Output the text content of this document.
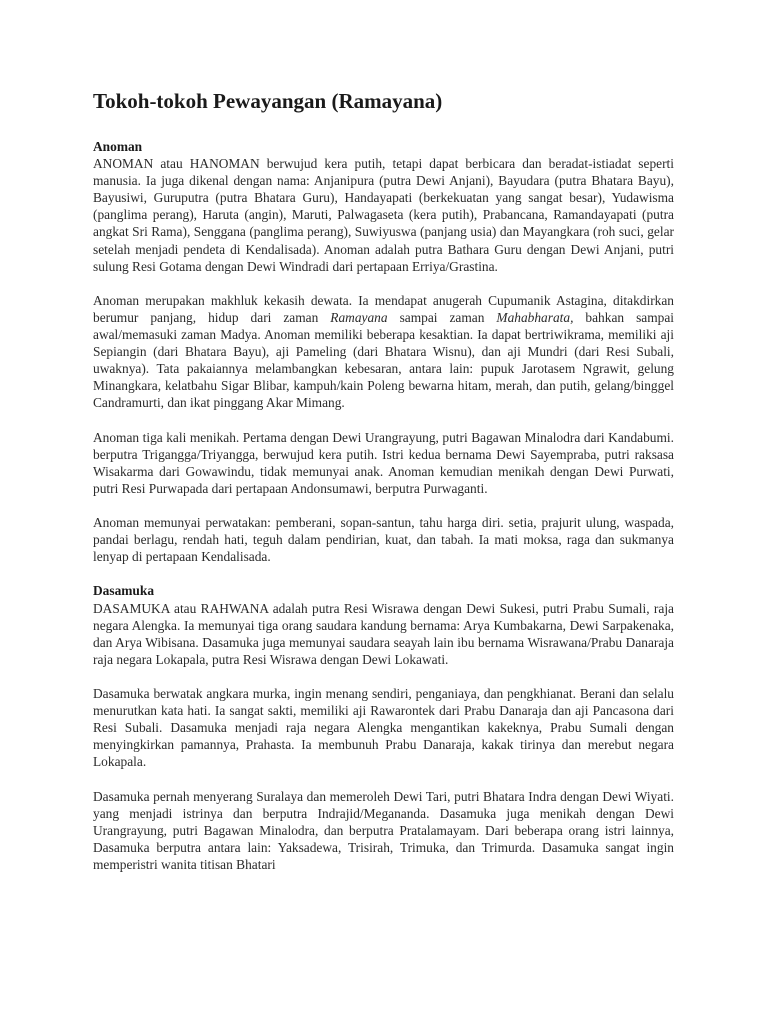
Tokoh-tokoh Pewayangan (Ramayana)
Anoman

ANOMAN atau HANOMAN berwujud kera putih, tetapi dapat berbicara dan beradat-istiadat seperti manusia. Ia juga dikenal dengan nama: Anjanipura (putra Dewi Anjani), Bayudara (putra Bhatara Bayu), Bayusiwi, Guruputra (putra Bhatara Guru), Handayapati (berkekuatan yang sangat besar), Yudawisma (panglima perang), Haruta (angin), Maruti, Palwagaseta (kera putih), Prabancana, Ramandayapati (putra angkat Sri Rama), Senggana (panglima perang), Suwiyuswa (panjang usia) dan Mayangkara (roh suci, gelar setelah menjadi pendeta di Kendalisada). Anoman adalah putra Bathara Guru dengan Dewi Anjani, putri sulung Resi Gotama dengan Dewi Windradi dari pertapaan Erriya/Grastina.

Anoman merupakan makhluk kekasih dewata. Ia mendapat anugerah Cupumanik Astagina, ditakdirkan berumur panjang, hidup dari zaman Ramayana sampai zaman Mahabharata, bahkan sampai awal/memasuki zaman Madya. Anoman memiliki beberapa kesaktian. Ia dapat bertriwikrama, memiliki aji Sepiangin (dari Bhatara Bayu), aji Pameling (dari Bhatara Wisnu), dan aji Mundri (dari Resi Subali, uwaknya). Tata pakaiannya melambangkan kebesaran, antara lain: pupuk Jarotasem Ngrawit, gelung Minangkara, kelatbahu Sigar Blibar, kampuh/kain Poleng bewarna hitam, merah, dan putih, gelang/binggel Candramurti, dan ikat pinggang Akar Mimang.

Anoman tiga kali menikah. Pertama dengan Dewi Urangrayung, putri Bagawan Minalodra dari Kandabumi. berputra Trigangga/Triyangga, berwujud kera putih. Istri kedua bernama Dewi Sayempraba, putri raksasa Wisakarma dari Gowawindu, tidak memunyai anak. Anoman kemudian menikah dengan Dewi Purwati, putri Resi Purwapada dari pertapaan Andonsumawi, berputra Purwaganti.

Anoman memunyai perwatakan: pemberani, sopan-santun, tahu harga diri. setia, prajurit ulung, waspada, pandai berlagu, rendah hati, teguh dalam pendirian, kuat, dan tabah. Ia mati moksa, raga dan sukmanya lenyap di pertapaan Kendalisada.

Dasamuka

DASAMUKA atau RAHWANA adalah putra Resi Wisrawa dengan Dewi Sukesi, putri Prabu Sumali, raja negara Alengka. Ia memunyai tiga orang saudara kandung bernama: Arya Kumbakarna, Dewi Sarpakenaka, dan Arya Wibisana. Dasamuka juga memunyai saudara seayah lain ibu bernama Wisrawana/Prabu Danaraja raja negara Lokapala, putra Resi Wisrawa dengan Dewi Lokawati.

Dasamuka berwatak angkara murka, ingin menang sendiri, penganiaya, dan pengkhianat. Berani dan selalu menurutkan kata hati. Ia sangat sakti, memiliki aji Rawarontek dari Prabu Danaraja dan aji Pancasona dari Resi Subali. Dasamuka menjadi raja negara Alengka mengantikan kakeknya, Prabu Sumali dengan menyingkirkan pamannya, Prahasta. Ia membunuh Prabu Danaraja, kakak tirinya dan merebut negara Lokapala.

Dasamuka pernah menyerang Suralaya dan memeroleh Dewi Tari, putri Bhatara Indra dengan Dewi Wiyati. yang menjadi istrinya dan berputra Indrajid/Megananda. Dasamuka juga menikah dengan Dewi Urangrayung, putri Bagawan Minalodra, dan berputra Pratalamayam. Dari beberapa orang istri lainnya, Dasamuka berputra antara lain: Yaksadewa, Trisirah, Trimuka, dan Trimurda. Dasamuka sangat ingin memperistri wanita titisan Bhatari
